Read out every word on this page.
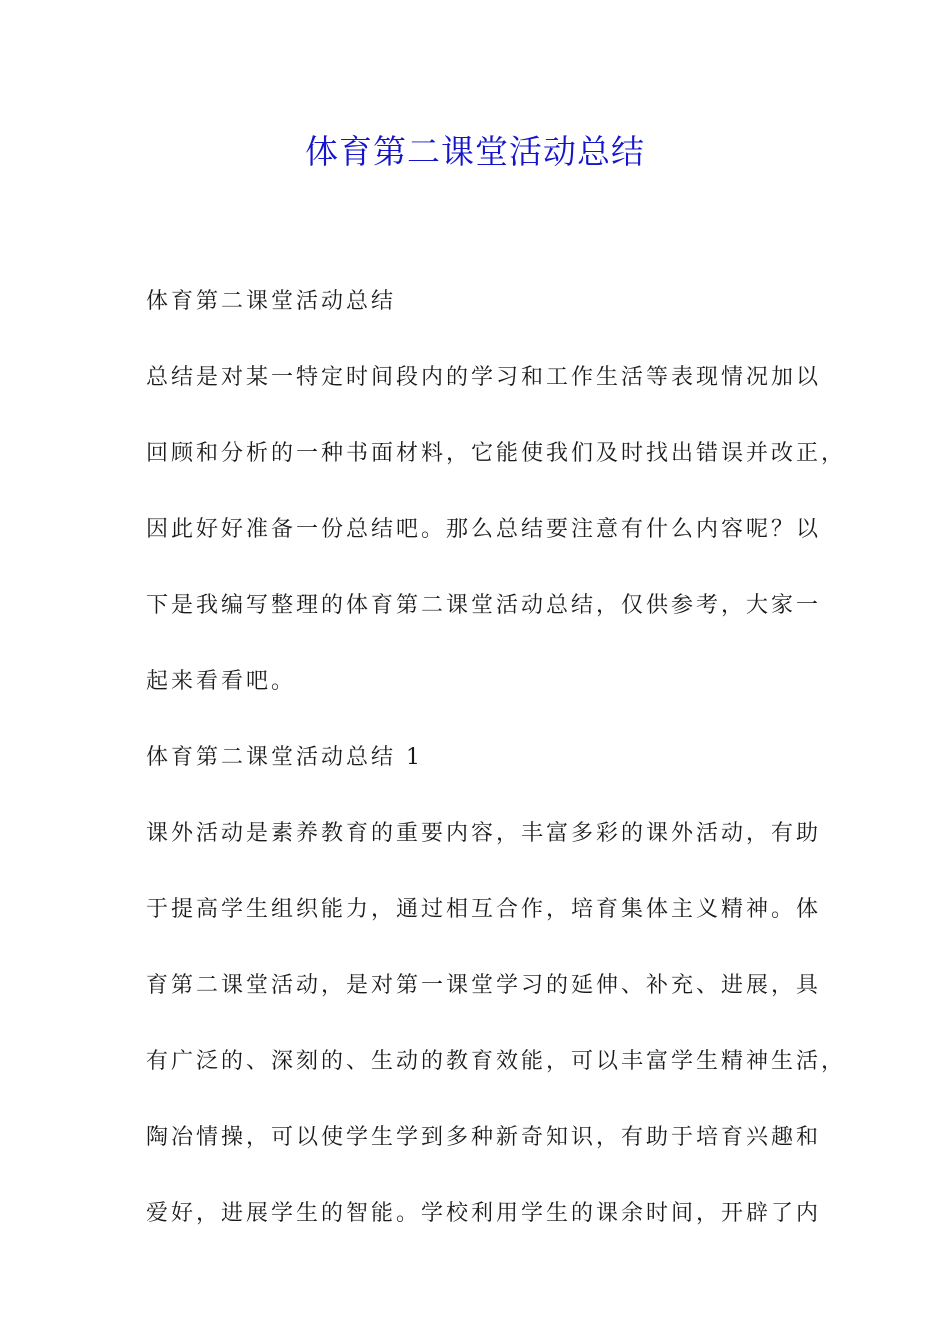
体育第二课堂活动总结

体育第二课堂活动总结

总结是对某一特定时间段内的学习和工作生活等表现情况加以

回顾和分析的一种书面材料，它能使我们及时找出错误并改正，

因此好好准备一份总结吧。那么总结要注意有什么内容呢？以

下是我编写整理的体育第二课堂活动总结，仅供参考，大家一

起来看看吧。

体育第二课堂活动总结 1

课外活动是素养教育的重要内容，丰富多彩的课外活动，有助

于提高学生组织能力，通过相互合作，培育集体主义精神。体

育第二课堂活动，是对第一课堂学习的延伸、补充、进展，具

有广泛的、深刻的、生动的教育效能，可以丰富学生精神生活，

陶冶情操，可以使学生学到多种新奇知识，有助于培育兴趣和

爱好，进展学生的智能。学校利用学生的课余时间，开辟了内
